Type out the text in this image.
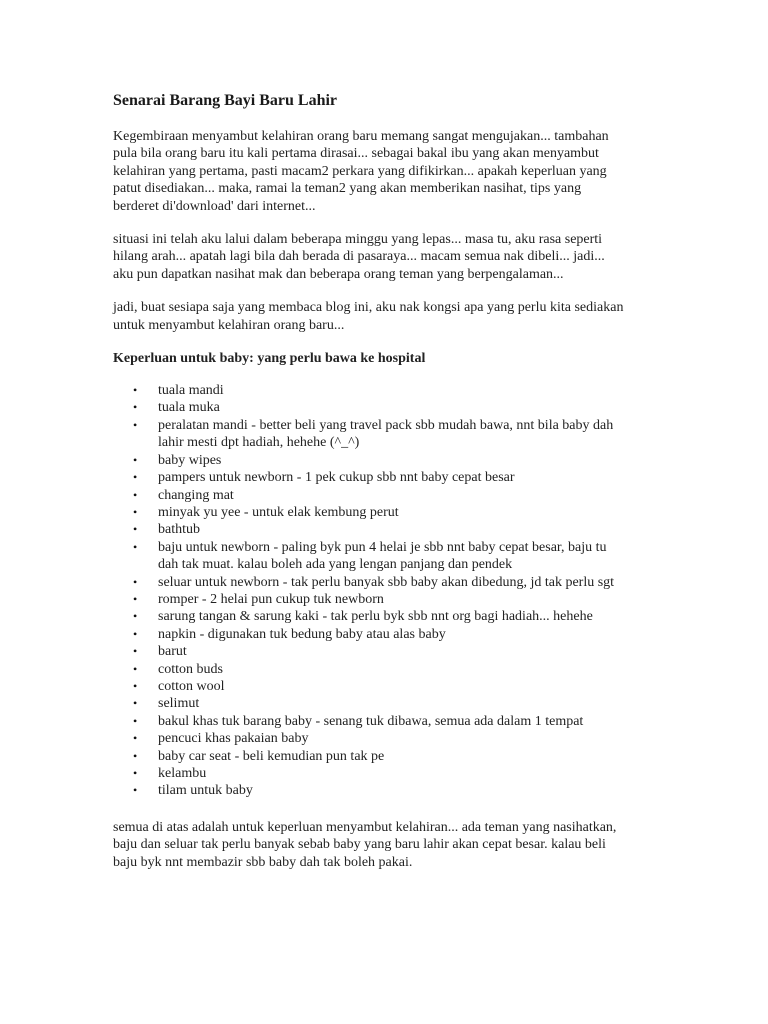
Senarai Barang Bayi Baru Lahir
Kegembiraan menyambut kelahiran orang baru memang sangat mengujakan... tambahan
pula bila orang baru itu kali pertama dirasai... sebagai bakal ibu yang akan menyambut
kelahiran yang pertama, pasti macam2 perkara yang difikirkan... apakah keperluan yang
patut disediakan... maka, ramai la teman2 yang akan memberikan nasihat, tips yang
berderet di'download' dari internet...
situasi ini telah aku lalui dalam beberapa minggu yang lepas... masa tu, aku rasa seperti
hilang arah... apatah lagi bila dah berada di pasaraya... macam semua nak dibeli... jadi...
aku pun dapatkan nasihat mak dan beberapa orang teman yang berpengalaman...
jadi, buat sesiapa saja yang membaca blog ini, aku nak kongsi apa yang perlu kita sediakan
untuk menyambut kelahiran orang baru...
Keperluan untuk baby: yang perlu bawa ke hospital
• tuala mandi
• tuala muka
• peralatan mandi - better beli yang travel pack sbb mudah bawa, nnt bila baby dah
lahir mesti dpt hadiah, hehehe (^_^)
• baby wipes
• pampers untuk newborn - 1 pek cukup sbb nnt baby cepat besar
• changing mat
• minyak yu yee - untuk elak kembung perut
• bathtub
• baju untuk newborn - paling byk pun 4 helai je sbb nnt baby cepat besar, baju tu
dah tak muat. kalau boleh ada yang lengan panjang dan pendek
• seluar untuk newborn - tak perlu banyak sbb baby akan dibedung, jd tak perlu sgt
• romper - 2 helai pun cukup tuk newborn
• sarung tangan & sarung kaki - tak perlu byk sbb nnt org bagi hadiah... hehehe
• napkin - digunakan tuk bedung baby atau alas baby
• barut
• cotton buds
• cotton wool
• selimut
• bakul khas tuk barang baby - senang tuk dibawa, semua ada dalam 1 tempat
• pencuci khas pakaian baby
• baby car seat - beli kemudian pun tak pe
• kelambu
• tilam untuk baby
semua di atas adalah untuk keperluan menyambut kelahiran... ada teman yang nasihatkan,
baju dan seluar tak perlu banyak sebab baby yang baru lahir akan cepat besar. kalau beli
baju byk nnt membazir sbb baby dah tak boleh pakai.
